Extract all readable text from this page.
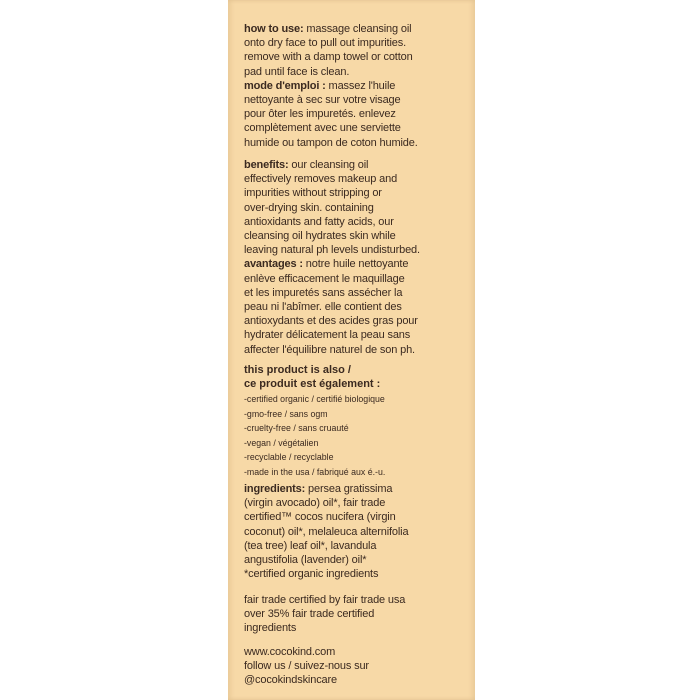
how to use: massage cleansing oil

onto dry face to pull out impurities.

remove with a damp towel or cotton

pad until face is clean.

mode d'emploi : massez l'huile

nettoyante à sec sur votre visage

pour ôter les impuretés. enlevez

complètement avec une serviette

humide ou tampon de coton humide.

benefits: our cleansing oil

effectively removes makeup and

impurities without stripping or

over-drying skin. containing

antioxidants and fatty acids, our

cleansing oil hydrates skin while

leaving natural ph levels undisturbed.

avantages : notre huile nettoyante

enlève efficacement le maquillage

et les impuretés sans assécher la

peau ni l'abîmer. elle contient des

antioxydants et des acides gras pour

hydrater délicatement la peau sans

affecter l'équilibre naturel de son ph.

this product is also /

ce produit est également :

-certified organic / certifié biologique

-gmo-free / sans ogm

-cruelty-free / sans cruauté

-vegan / végétalien

-recyclable / recyclable

-made in the usa / fabriqué aux é.-u.

ingredients: persea gratissima

(virgin avocado) oil*, fair trade

certified™ cocos nucifera (virgin

coconut) oil*, melaleuca alternifolia

(tea tree) leaf oil*, lavandula

angustifolia (lavender) oil*

*certified organic ingredients

fair trade certified by fair trade usa

over 35% fair trade certified

ingredients

www.cocokind.com

follow us / suivez-nous sur

@cocokindskincare
